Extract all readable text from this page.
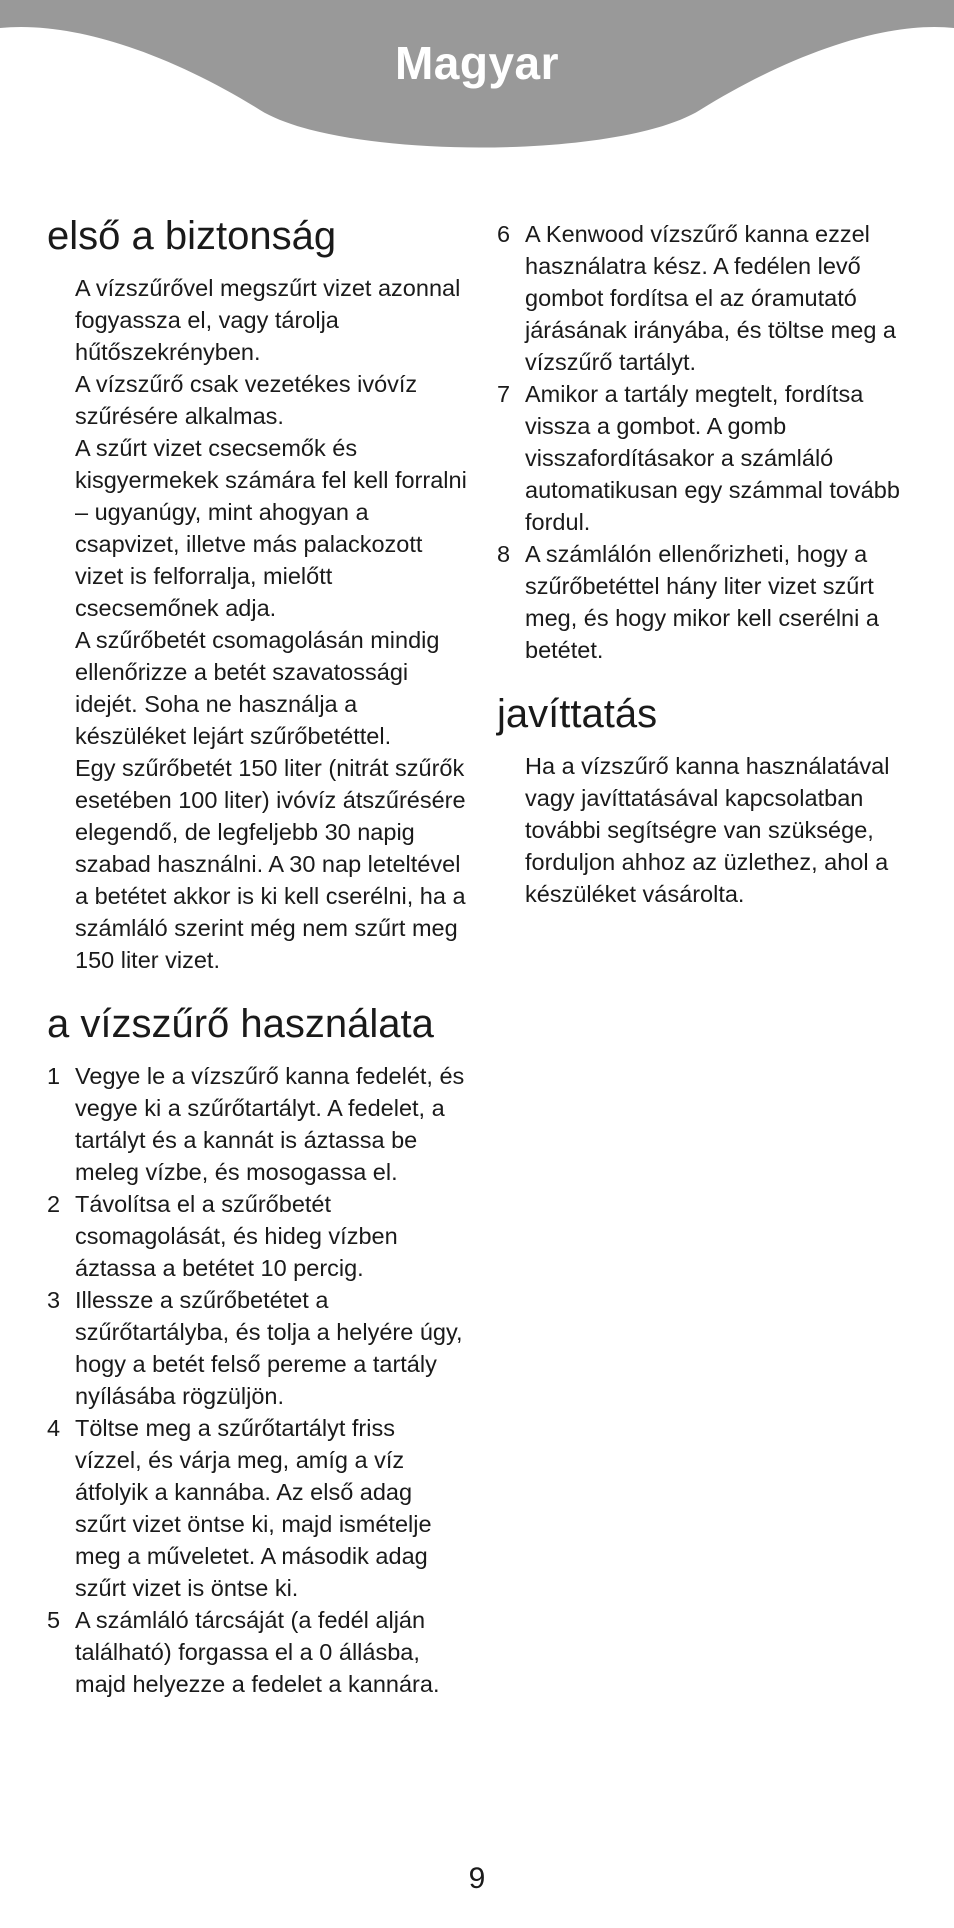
Magyar
első a biztonság
A vízszűrővel megszűrt vizet azonnal fogyassza el, vagy tárolja hűtőszekrényben.
A vízszűrő csak vezetékes ivóvíz szűrésére alkalmas.
A szűrt vizet csecsemők és kisgyermekek számára fel kell forralni – ugyanúgy, mint ahogyan a csapvizet, illetve más palackozott vizet is felforralja, mielőtt csecsemőnek adja.
A szűrőbetét csomagolásán mindig ellenőrizze a betét szavatossági idejét. Soha ne használja a készüléket lejárt szűrőbetéttel.
Egy szűrőbetét 150 liter (nitrát szűrők esetében 100 liter) ivóvíz átszűrésére elegendő, de legfeljebb 30 napig szabad használni. A 30 nap leteltével a betétet akkor is ki kell cserélni, ha a számláló szerint még nem szűrt meg 150 liter vizet.
a vízszűrő használata
1 Vegye le a vízszűrő kanna fedelét, és vegye ki a szűrőtartályt. A fedelet, a tartályt és a kannát is áztassa be meleg vízbe, és mosogassa el.
2 Távolítsa el a szűrőbetét csomagolását, és hideg vízben áztassa a betétet 10 percig.
3 Illessze a szűrőbetétet a szűrőtartályba, és tolja a helyére úgy, hogy a betét felső pereme a tartály nyílásába rögzüljön.
4 Töltse meg a szűrőtartályt friss vízzel, és várja meg, amíg a víz átfolyik a kannába. Az első adag szűrt vizet öntse ki, majd ismételje meg a műveletet. A második adag szűrt vizet is öntse ki.
5 A számláló tárcsáját (a fedél alján található) forgassa el a 0 állásba, majd helyezze a fedelet a kannára.
6 A Kenwood vízszűrő kanna ezzel használatra kész. A fedélen levő gombot fordítsa el az óramutató járásának irányába, és töltse meg a vízszűrő tartályt.
7 Amikor a tartály megtelt, fordítsa vissza a gombot. A gomb visszafordításakor a számláló automatikusan egy számmal tovább fordul.
8 A számlálón ellenőrizheti, hogy a szűrőbetéttel hány liter vizet szűrt meg, és hogy mikor kell cserélni a betétet.
javíttatás
Ha a vízszűrő kanna használatával vagy javíttatásával kapcsolatban további segítségre van szüksége, forduljon ahhoz az üzlethez, ahol a készüléket vásárolta.
9
